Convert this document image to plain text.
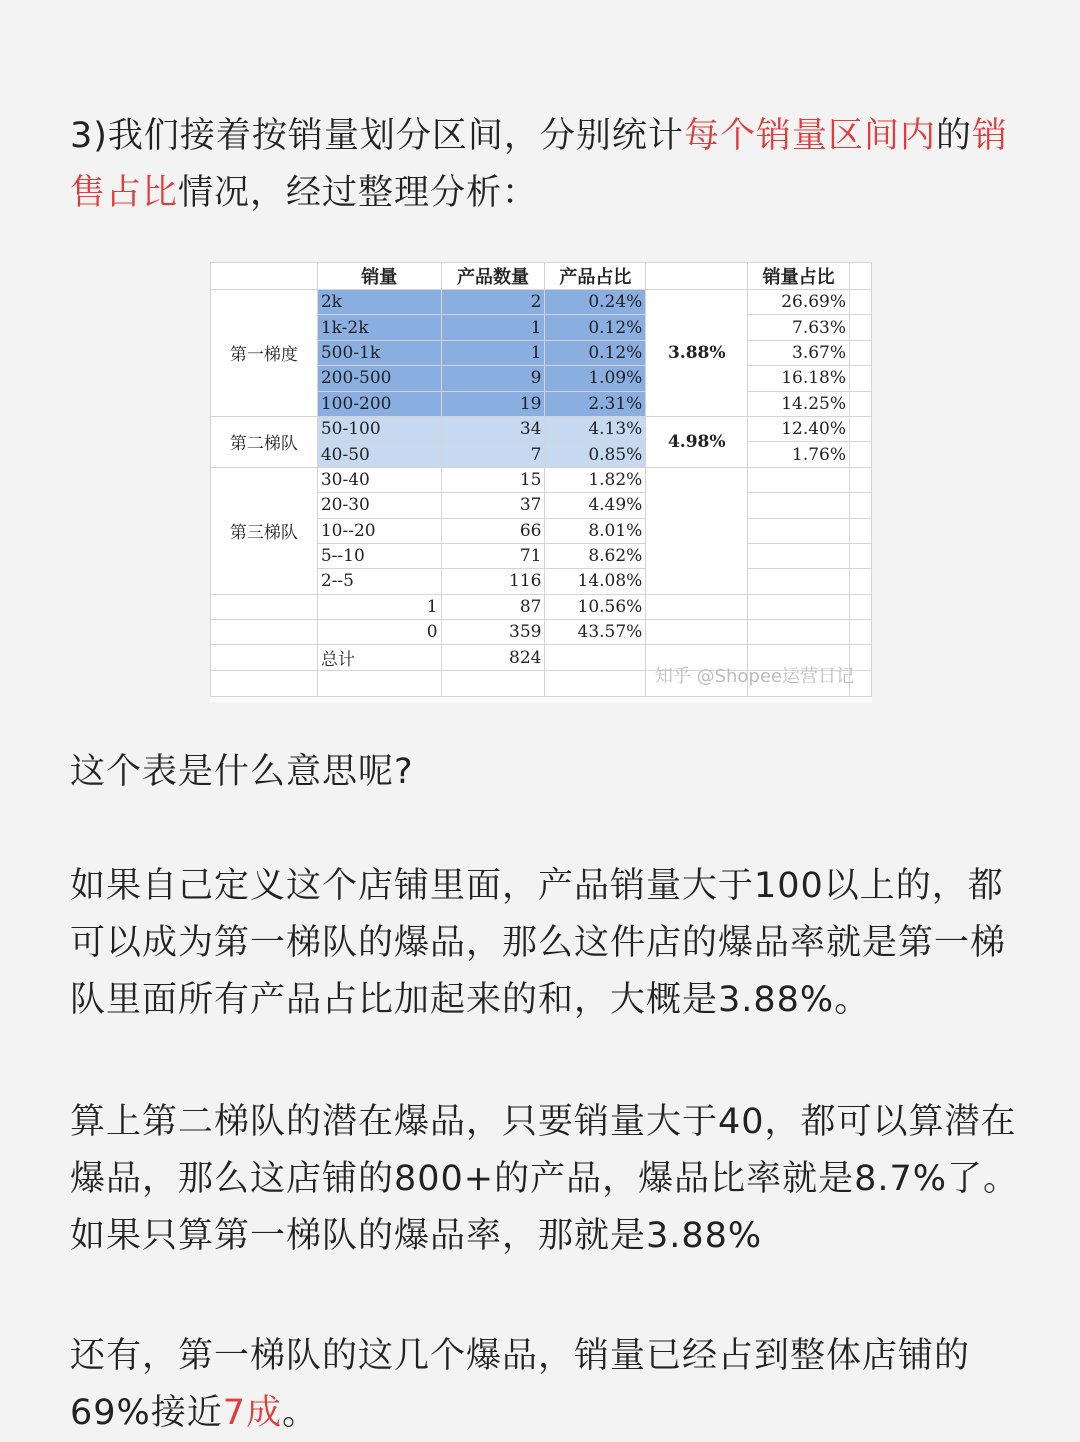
3)我们接着按销量划分区间，分别统计每个销量区间内的销售占比情况，经过整理分析：

	销量	产品数量	产品占比		销量占比	
第一梯度	2k	2	0.24%	3.88%	26.69%	
	1k-2k	1	0.12%		7.63%	
	500-1k	1	0.12%		3.67%	
	200-500	9	1.09%		16.18%	
	100-200	19	2.31%		14.25%	
第二梯队	50-100	34	4.13%	4.98%	12.40%	
	40-50	7	0.85%		1.76%	
第三梯队	30-40	15	1.82%			
	20-30	37	4.49%			
	10--20	66	8.01%			
	5--10	71	8.62%			
	2--5	116	14.08%			
	1	87	10.56%			
	0	359	43.57%			
	总计	824				

知乎 @Shopee运营日记

这个表是什么意思呢?

如果自己定义这个店铺里面，产品销量大于100以上的，都可以成为第一梯队的爆品，那么这件店的爆品率就是第一梯队里面所有产品占比加起来的和，大概是3.88%。

算上第二梯队的潜在爆品，只要销量大于40，都可以算潜在爆品，那么这店铺的800+的产品，爆品比率就是8.7%了。如果只算第一梯队的爆品率，那就是3.88%

还有，第一梯队的这几个爆品，销量已经占到整体店铺的69%接近7成。
